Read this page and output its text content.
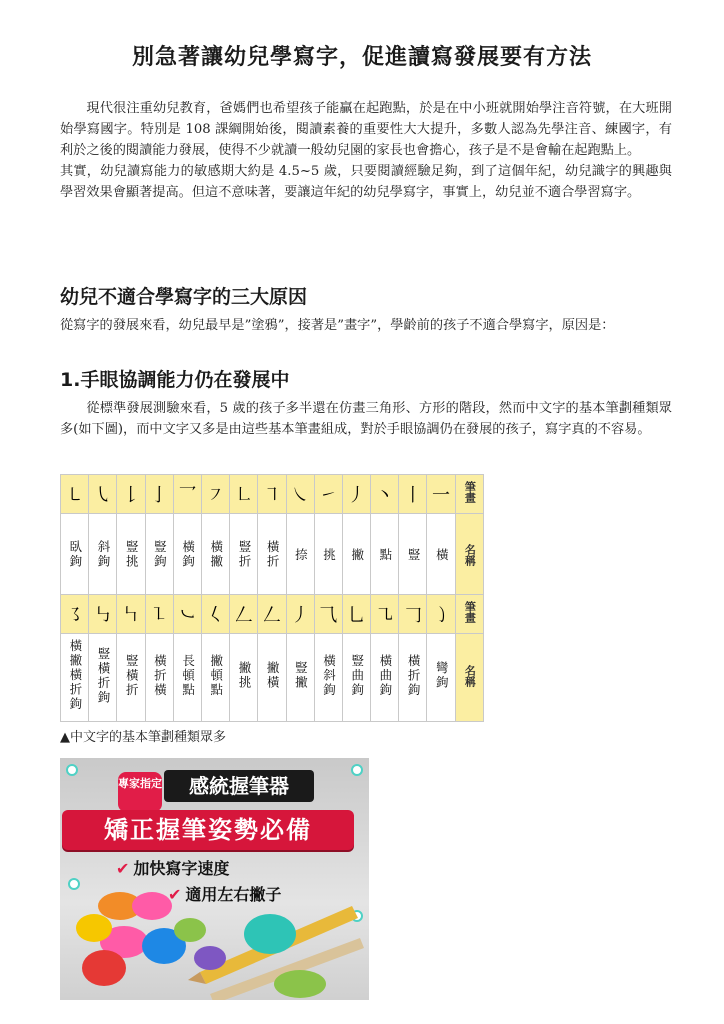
別急著讓幼兒學寫字，促進讀寫發展要有方法

現代很注重幼兒教育，爸媽們也希望孩子能贏在起跑點，於是在中小班就開始學注音符號，在大班開始學寫國字。特別是 108 課綱開始後，閱讀素養的重要性大大提升，多數人認為先學注音、練國字，有利於之後的閱讀能力發展，使得不少就讀一般幼兒園的家長也會擔心，孩子是不是會輸在起跑點上。

其實，幼兒讀寫能力的敏感期大約是 4.5~5 歲，只要閱讀經驗足夠，到了這個年紀，幼兒識字的興趣與學習效果會顯著提高。但這不意味著，要讓這年紀的幼兒學寫字，事實上，幼兒並不適合學習寫字。

幼兒不適合學寫字的三大原因

從寫字的發展來看，幼兒最早是”塗鴉”，接著是”畫字”，學齡前的孩子不適合學寫字，原因是：

1.手眼協調能力仍在發展中

從標準發展測驗來看，5 歲的孩子多半還在仿畫三角形、方形的階段，然而中文字的基本筆劃種類眾多(如下圖)，而中文字又多是由這些基本筆畫組成，對於手眼協調仍在發展的孩子，寫字真的不容易。

㇄	㇂	𠄌	亅	乛	㇇	㇗	㇕	㇏	㇀	丿	丶	丨	一	筆畫
臥鉤	斜鉤	豎挑	豎鉤	橫鉤	橫撇	豎折	橫折	捺	挑	撇	點	豎	橫	名稱
㇌	㇉	㇞	㇅	㇃	𡿨	𠃋	𠃋	丿	⺄	乚	㇈	𠃌	㇁	筆畫
橫撇橫折鉤	豎橫折鉤	豎橫折	橫折橫	長頓點	撇頓點	撇挑	撇橫	豎撇	橫斜鉤	豎曲鉤	橫曲鉤	橫折鉤	彎鉤	名稱
▲中文字的基本筆劃種類眾多
專家指定	感統握筆器
矯正握筆姿勢必備
✔ 加快寫字速度
✔ 適用左右撇子
